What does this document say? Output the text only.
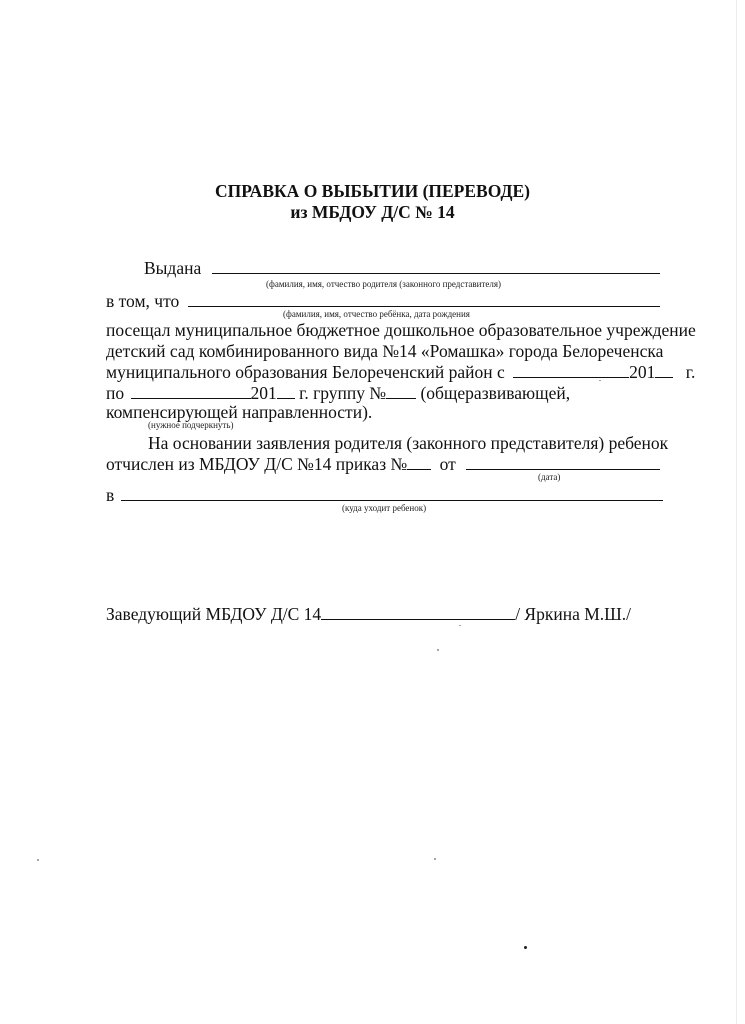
СПРАВКА О ВЫБЫТИИ (ПЕРЕВОДЕ)
из МБДОУ Д/С № 14
Выдана
(фамилия, имя, отчество родителя (законного представителя)
в том, что
(фамилия, имя, отчество ребёнка, дата рождения
посещал муниципальное бюджетное дошкольное образовательное учреждение
детский сад комбинированного вида №14 «Ромашка» города Белореченска
муниципального образования Белореченский район с	201 г.
по	201 г. группу № (общеразвивающей,
компенсирующей направленности).
(нужное подчеркнуть)
На основании заявления родителя (законного представителя) ребенок
отчислен из МБДОУ Д/С №14 приказ № от
(дата)
в
(куда уходит ребенок)
Заведующий МБДОУ Д/С 14	/ Яркина М.Ш./
